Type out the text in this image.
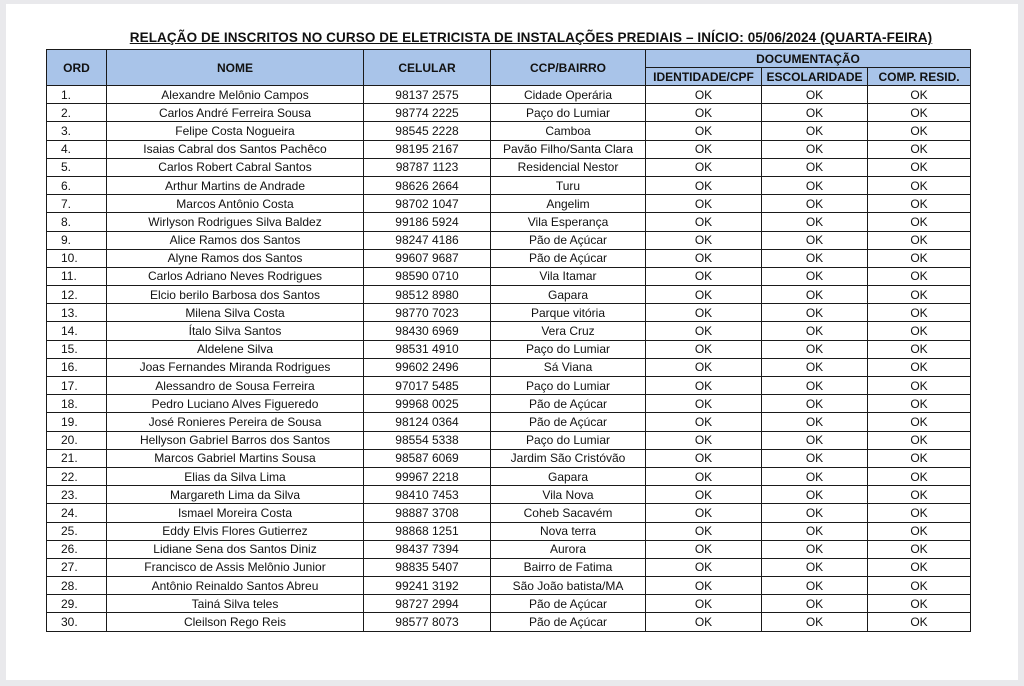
RELAÇÃO DE INSCRITOS NO CURSO DE ELETRICISTA DE INSTALAÇÕES PREDIAIS – INÍCIO: 05/06/2024 (QUARTA-FEIRA)
ORD	NOME	CELULAR	CCP/BAIRRO	DOCUMENTAÇÃO		
				IDENTIDADE/CPF	ESCOLARIDADE	COMP. RESID.
1.	Alexandre Melônio Campos	98137 2575	Cidade Operária	OK	OK	OK
2.	Carlos André Ferreira Sousa	98774 2225	Paço do Lumiar	OK	OK	OK
3.	Felipe Costa Nogueira	98545 2228	Camboa	OK	OK	OK
4.	Isaias Cabral dos Santos Pachêco	98195 2167	Pavão Filho/Santa Clara	OK	OK	OK
5.	Carlos Robert Cabral Santos	98787 1123	Residencial Nestor	OK	OK	OK
6.	Arthur Martins de Andrade	98626 2664	Turu	OK	OK	OK
7.	Marcos Antônio Costa	98702 1047	Angelim	OK	OK	OK
8.	Wirlyson Rodrigues Silva Baldez	99186 5924	Vila Esperança	OK	OK	OK
9.	Alice Ramos dos Santos	98247 4186	Pão de Açúcar	OK	OK	OK
10.	Alyne Ramos dos Santos	99607 9687	Pão de Açúcar	OK	OK	OK
11.	Carlos Adriano Neves Rodrigues	98590 0710	Vila Itamar	OK	OK	OK
12.	Elcio berilo Barbosa dos Santos	98512 8980	Gapara	OK	OK	OK
13.	Milena Silva Costa	98770 7023	Parque vitória	OK	OK	OK
14.	Ítalo Silva Santos	98430 6969	Vera Cruz	OK	OK	OK
15.	Aldelene Silva	98531 4910	Paço do Lumiar	OK	OK	OK
16.	Joas Fernandes Miranda Rodrigues	99602 2496	Sá Viana	OK	OK	OK
17.	Alessandro de Sousa Ferreira	97017 5485	Paço do Lumiar	OK	OK	OK
18.	Pedro Luciano Alves Figueredo	99968 0025	Pão de Açúcar	OK	OK	OK
19.	José Ronieres Pereira de Sousa	98124 0364	Pão de Açúcar	OK	OK	OK
20.	Hellyson Gabriel Barros dos Santos	98554 5338	Paço do Lumiar	OK	OK	OK
21.	Marcos Gabriel Martins Sousa	98587 6069	Jardim São Cristóvão	OK	OK	OK
22.	Elias da Silva Lima	99967 2218	Gapara	OK	OK	OK
23.	Margareth Lima da Silva	98410 7453	Vila Nova	OK	OK	OK
24.	Ismael Moreira Costa	98887 3708	Coheb Sacavém	OK	OK	OK
25.	Eddy Elvis Flores Gutierrez	98868 1251	Nova terra	OK	OK	OK
26.	Lidiane Sena dos Santos Diniz	98437 7394	Aurora	OK	OK	OK
27.	Francisco de Assis Melônio Junior	98835 5407	Bairro de Fatima	OK	OK	OK
28.	Antônio Reinaldo Santos Abreu	99241 3192	São João batista/MA	OK	OK	OK
29.	Tainá Silva teles	98727 2994	Pão de Açúcar	OK	OK	OK
30.	Cleilson Rego Reis	98577 8073	Pão de Açúcar	OK	OK	OK
